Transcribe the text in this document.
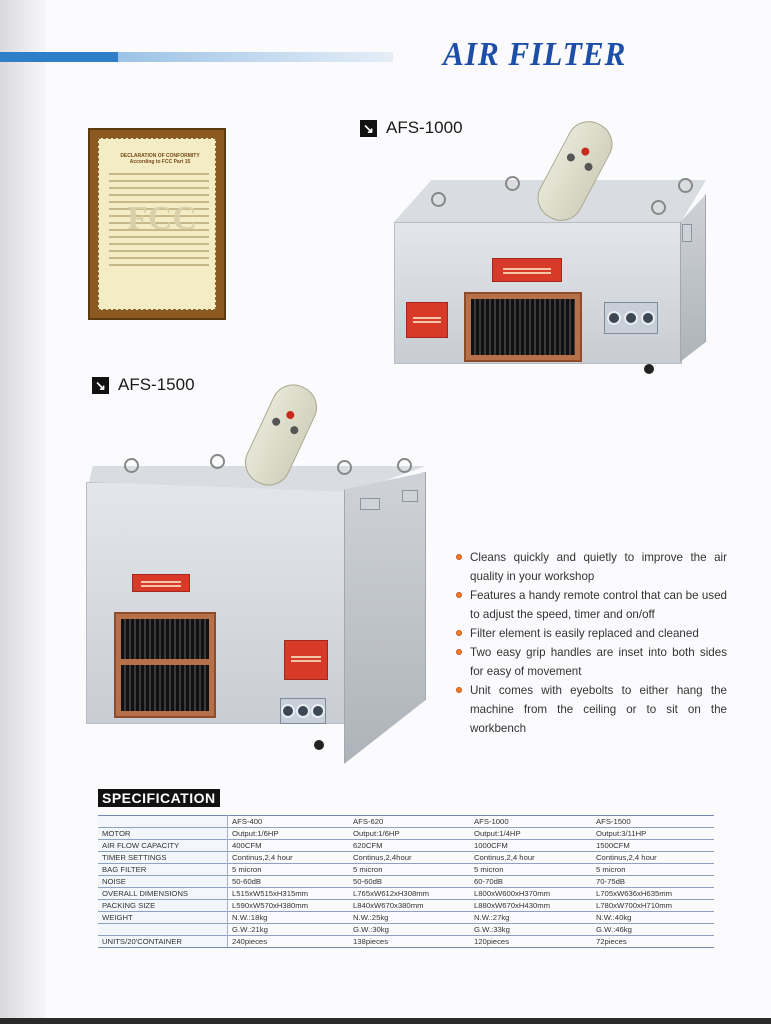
AIR FILTER
DECLARATION OF CONFORMITY
According to FCC Part 15
FCC
↘ AFS-1000
↘ AFS-1500
Cleans quickly and quietly to improve the air quality in your workshop
Features a handy remote control that can be used to adjust the speed, timer and on/off
Filter element is easily replaced and cleaned
Two easy grip handles are inset into both sides for easy of movement
Unit comes with eyebolts to either hang the machine from the ceiling or to sit on the workbench
SPECIFICATION
	AFS-400	AFS-620	AFS-1000	AFS-1500
MOTOR	Output:1/6HP	Output:1/6HP	Output:1/4HP	Output:3/11HP
AIR FLOW CAPACITY	400CFM	620CFM	1000CFM	1500CFM
TIMER SETTINGS	Continus,2,4 hour	Continus,2,4hour	Continus,2,4 hour	Continus,2,4 hour
BAG FILTER	5 micron	5 micron	5 micron	5 micron
NOISE	50-60dB	50-60dB	60-70dB	70-75dB
OVERALL DIMENSIONS	L515xW515xH315mm	L765xW612xH308mm	L800xW600xH370mm	L705xW636xH635mm
PACKING SIZE	L590xW570xH380mm	L840xW670x380mm	L880xW670xH430mm	L780xW700xH710mm
WEIGHT	N.W.:18kg	N.W.:25kg	N.W.:27kg	N.W.:40kg
	G.W.:21kg	G.W.:30kg	G.W.:33kg	G.W.:46kg
UNITS/20'CONTAINER	240pieces	138pieces	120pieces	72pieces
